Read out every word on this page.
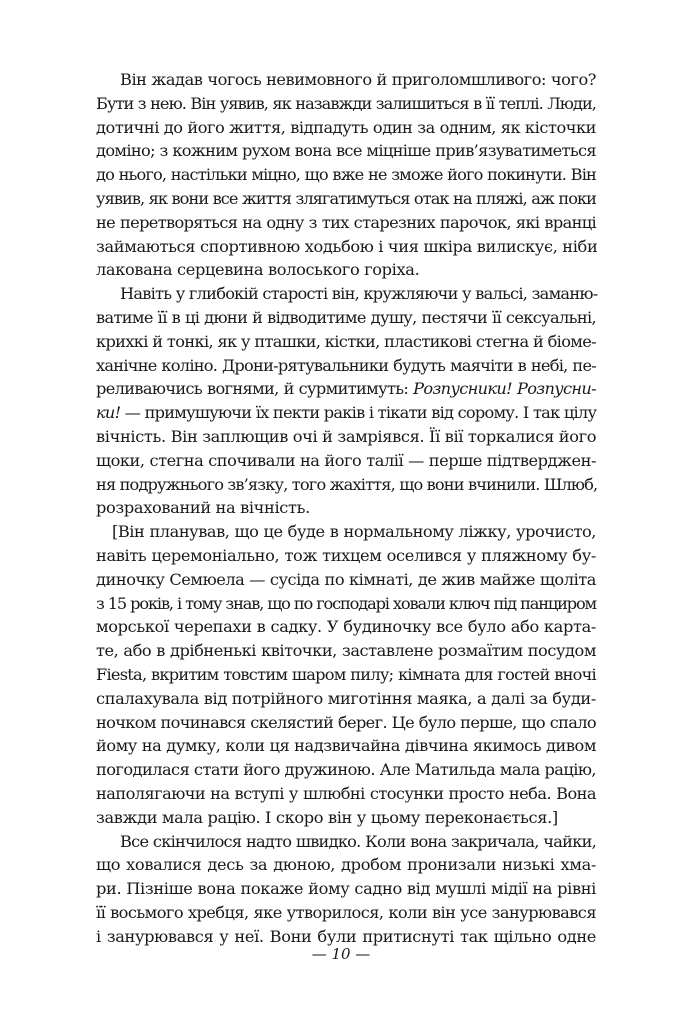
Він жадав чогось невимовного й приголомшливого: чого?
Бути з нею. Він уявив, як назавжди залишиться в її теплі. Люди,
дотичні до його життя, відпадуть один за одним, як кісточки
доміно; з кожним рухом вона все міцніше прив’язуватиметься
до нього, настільки міцно, що вже не зможе його покинути. Він
уявив, як вони все життя злягатимуться отак на пляжі, аж поки
не перетворяться на одну з тих старезних парочок, які вранці
займаються спортивною ходьбою і чия шкіра вилискує, ніби
лакована серцевина волоського горіха.
Навіть у глибокій старості він, кружляючи у вальсі, заманю-
ватиме її в ці дюни й відводитиме душу, пестячи її сексуальні,
крихкі й тонкі, як у пташки, кістки, пластикові стегна й біоме-
ханічне коліно. Дрони-рятувальники будуть маячіти в небі, пе-
реливаючись вогнями, й сурмитимуть: Розпусники! Розпусни-
ки! — примушуючи їх пекти раків і тікати від сорому. І так цілу
вічність. Він заплющив очі й замріявся. Її вії торкалися його
щоки, стегна спочивали на його талії — перше підтверджен-
ня подружнього зв’язку, того жахіття, що вони вчинили. Шлюб,
розрахований на вічність.
[Він планував, що це буде в нормальному ліжку, урочисто,
навіть церемоніально, тож тихцем оселився у пляжному бу-
диночку Семюела — сусіда по кімнаті, де жив майже щоліта
з 15 років, і тому знав, що по господарі ховали ключ під панциром
морської черепахи в садку. У будиночку все було або карта-
те, або в дрібненькі квіточки, заставлене розмаїтим посудом
Fiesta, вкритим товстим шаром пилу; кімната для гостей вночі
спалахувала від потрійного миготіння маяка, а далі за буди-
ночком починався скелястий берег. Це було перше, що спало
йому на думку, коли ця надзвичайна дівчина якимось дивом
погодилася стати його дружиною. Але Матильда мала рацію,
наполягаючи на вступі у шлюбні стосунки просто неба. Вона
завжди мала рацію. І скоро він у цьому переконається.]
Все скінчилося надто швидко. Коли вона закричала, чайки,
що ховалися десь за дюною, дробом пронизали низькі хма-
ри. Пізніше вона покаже йому садно від мушлі мідії на рівні
її восьмого хребця, яке утворилося, коли він усе занурювався
і занурювався у неї. Вони були притиснуті так щільно одне
— 10 —
